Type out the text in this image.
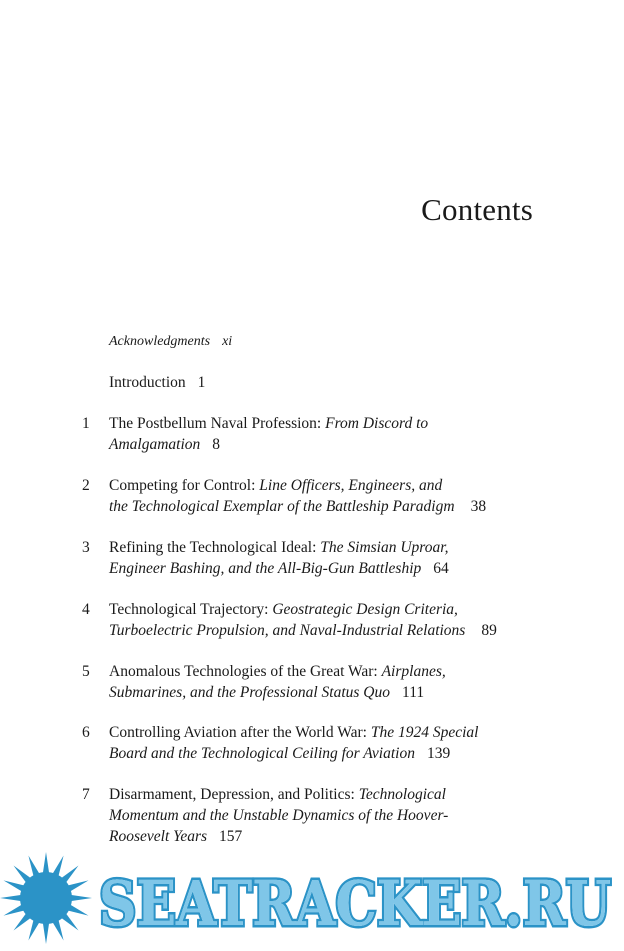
Contents
Acknowledgments xi
Introduction 1
1	The Postbellum Naval Profession: From Discord to
Amalgamation 8
2	Competing for Control: Line Officers, Engineers, and
the Technological Exemplar of the Battleship Paradigm 38
3	Refining the Technological Ideal: The Simsian Uproar,
Engineer Bashing, and the All-Big-Gun Battleship 64
4	Technological Trajectory: Geostrategic Design Criteria,
Turboelectric Propulsion, and Naval-Industrial Relations 89
5	Anomalous Technologies of the Great War: Airplanes,
Submarines, and the Professional Status Quo 111
6	Controlling Aviation after the World War: The 1924 Special
Board and the Technological Ceiling for Aviation 139
7	Disarmament, Depression, and Politics: Technological
Momentum and the Unstable Dynamics of the Hoover-
Roosevelt Years 157
SEATRACKER.RU
SEATRACKER.RU
